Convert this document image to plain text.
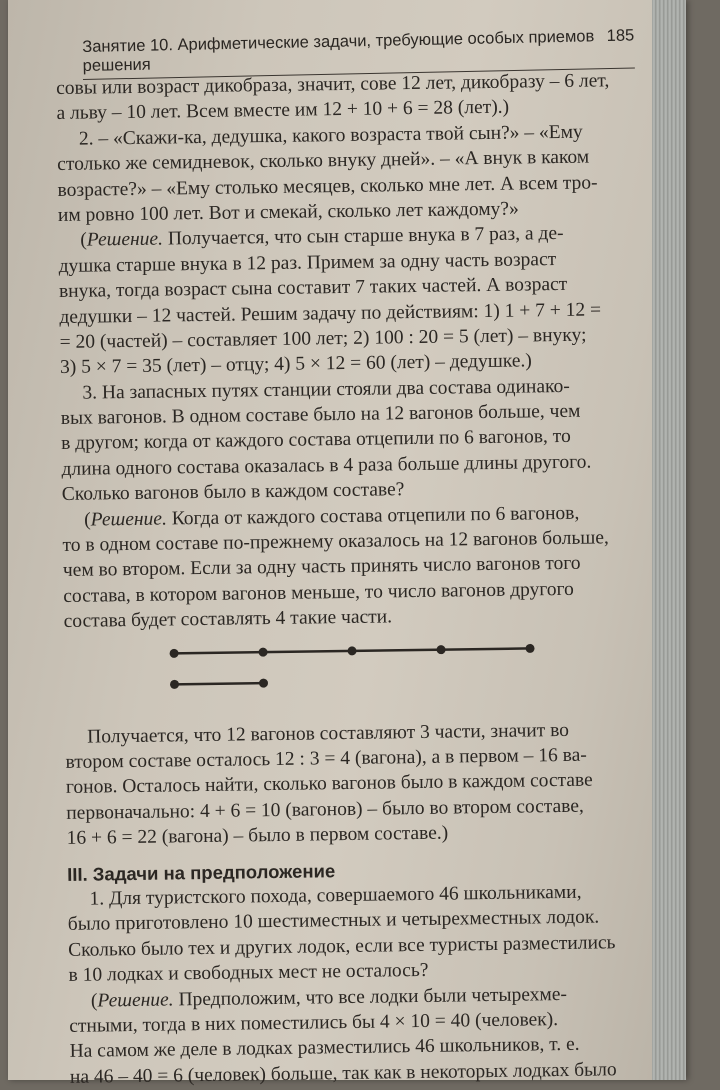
Занятие 10. Арифметические задачи, требующие особых приемов решения
185
совы или возраст дикобраза, значит, сове 12 лет, дикобразу – 6 лет,
а льву – 10 лет. Всем вместе им 12 + 10 + 6 = 28 (лет).)
2. – «Скажи-ка, дедушка, какого возраста твой сын?» – «Ему
столько же семидневок, сколько внуку дней». – «А внук в каком
возрасте?» – «Ему столько месяцев, сколько мне лет. А всем тро-
им ровно 100 лет. Вот и смекай, сколько лет каждому?»
(Решение. Получается, что сын старше внука в 7 раз, а де-
душка старше внука в 12 раз. Примем за одну часть возраст
внука, тогда возраст сына составит 7 таких частей. А возраст
дедушки – 12 частей. Решим задачу по действиям: 1) 1 + 7 + 12 =
= 20 (частей) – составляет 100 лет; 2) 100 : 20 = 5 (лет) – внуку;
3) 5 × 7 = 35 (лет) – отцу; 4) 5 × 12 = 60 (лет) – дедушке.)
3. На запасных путях станции стояли два состава одинако-
вых вагонов. В одном составе было на 12 вагонов больше, чем
в другом; когда от каждого состава отцепили по 6 вагонов, то
длина одного состава оказалась в 4 раза больше длины другого.
Сколько вагонов было в каждом составе?
(Решение. Когда от каждого состава отцепили по 6 вагонов,
то в одном составе по-прежнему оказалось на 12 вагонов больше,
чем во втором. Если за одну часть принять число вагонов того
состава, в котором вагонов меньше, то число вагонов другого
состава будет составлять 4 такие части.
Получается, что 12 вагонов составляют 3 части, значит во
втором составе осталось 12 : 3 = 4 (вагона), а в первом – 16 ва-
гонов. Осталось найти, сколько вагонов было в каждом составе
первоначально: 4 + 6 = 10 (вагонов) – было во втором составе,
16 + 6 = 22 (вагона) – было в первом составе.)
III. Задачи на предположение
1. Для туристского похода, совершаемого 46 школьниками,
было приготовлено 10 шестиместных и четырехместных лодок.
Сколько было тех и других лодок, если все туристы разместились
в 10 лодках и свободных мест не осталось?
(Решение. Предположим, что все лодки были четырехме-
стными, тогда в них поместились бы 4 × 10 = 40 (человек).
На самом же деле в лодках разместились 46 школьников, т. е.
на 46 – 40 = 6 (человек) больше, так как в некоторых лодках было
